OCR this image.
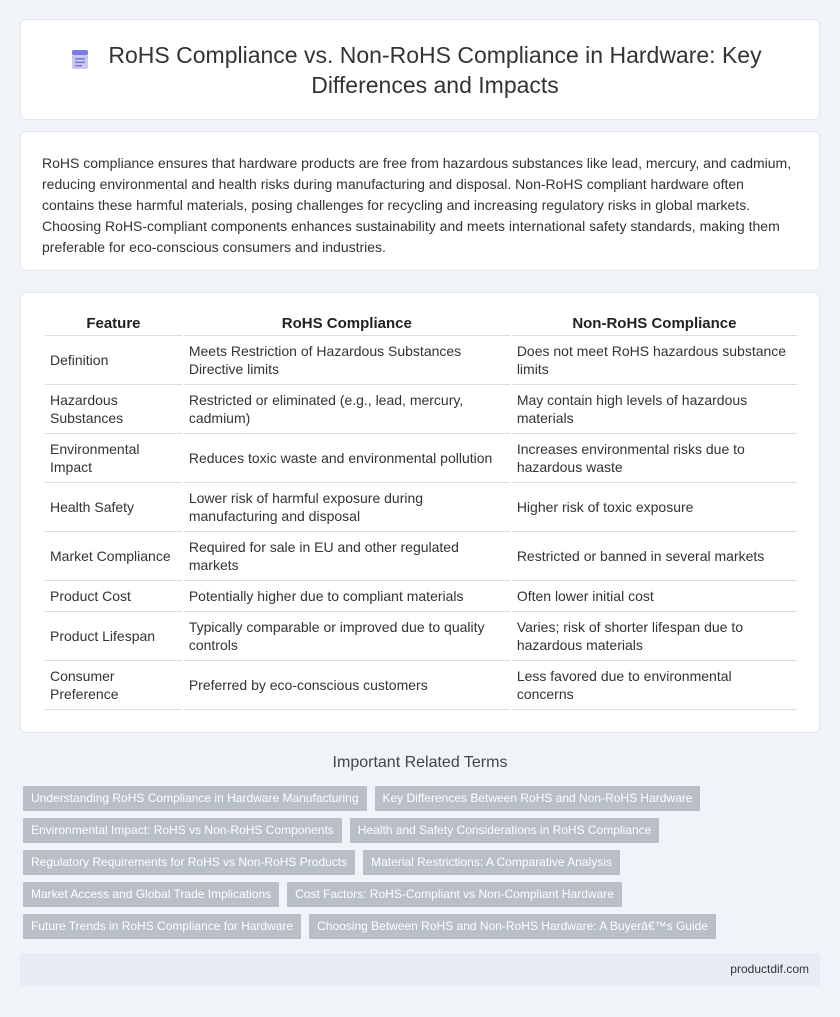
RoHS Compliance vs. Non-RoHS Compliance in Hardware: Key Differences and Impacts

RoHS compliance ensures that hardware products are free from hazardous substances like lead, mercury, and cadmium, reducing environmental and health risks during manufacturing and disposal. Non-RoHS compliant hardware often contains these harmful materials, posing challenges for recycling and increasing regulatory risks in global markets. Choosing RoHS-compliant components enhances sustainability and meets international safety standards, making them preferable for eco-conscious consumers and industries.

Feature	RoHS Compliance	Non-RoHS Compliance
Definition	Meets Restriction of Hazardous Substances Directive limits	Does not meet RoHS hazardous substance limits
Hazardous Substances	Restricted or eliminated (e.g., lead, mercury, cadmium)	May contain high levels of hazardous materials
Environmental Impact	Reduces toxic waste and environmental pollution	Increases environmental risks due to hazardous waste
Health Safety	Lower risk of harmful exposure during manufacturing and disposal	Higher risk of toxic exposure
Market Compliance	Required for sale in EU and other regulated markets	Restricted or banned in several markets
Product Cost	Potentially higher due to compliant materials	Often lower initial cost
Product Lifespan	Typically comparable or improved due to quality controls	Varies; risk of shorter lifespan due to hazardous materials
Consumer Preference	Preferred by eco-conscious customers	Less favored due to environmental concerns
Important Related Terms
Understanding RoHS Compliance in Hardware Manufacturing	Key Differences Between RoHS and Non-RoHS Hardware
Environmental Impact: RoHS vs Non-RoHS Components	Health and Safety Considerations in RoHS Compliance
Regulatory Requirements for RoHS vs Non-RoHS Products	Material Restrictions: A Comparative Analysis
Market Access and Global Trade Implications	Cost Factors: RoHS-Compliant vs Non-Compliant Hardware
Future Trends in RoHS Compliance for Hardware	Choosing Between RoHS and Non-RoHS Hardware: A Buyerâ€™s Guide
productdif.com
